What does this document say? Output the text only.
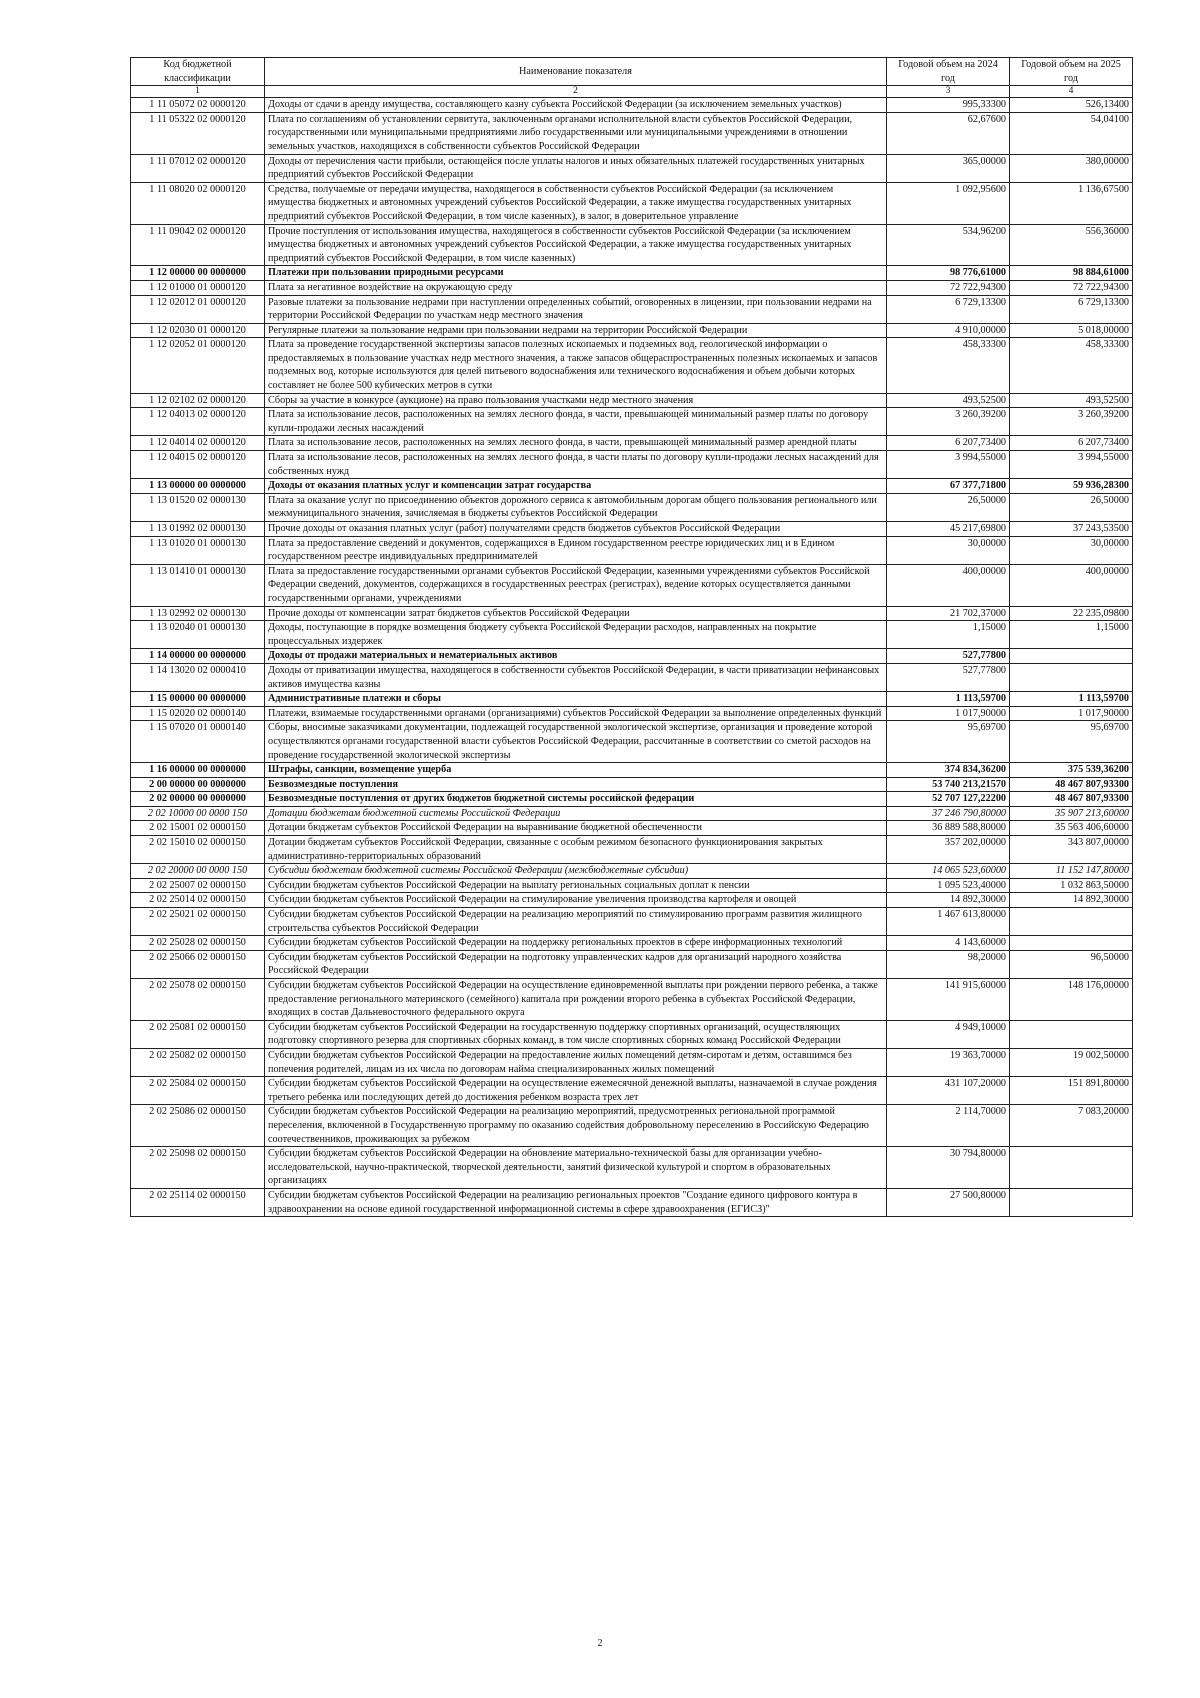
Код бюджетной классификации	Наименование показателя	Годовой объем на 2024 год	Годовой объем на 2025 год
1	2	3	4
1 11 05072 02 0000120	Доходы от сдачи в аренду имущества, составляющего казну субъекта Российской Федерации (за исключением земельных участков)	995,33300	526,13400
1 11 05322 02 0000120	Плата по соглашениям об установлении сервитута, заключенным органами исполнительной власти субъектов Российской Федерации, государственными или муниципальными предприятиями либо государственными или муниципальными учреждениями в отношении земельных участков, находящихся в собственности субъектов Российской Федерации	62,67600	54,04100
1 11 07012 02 0000120	Доходы от перечисления части прибыли, остающейся после уплаты налогов и иных обязательных платежей государственных унитарных предприятий субъектов Российской Федерации	365,00000	380,00000
1 11 08020 02 0000120	Средства, получаемые от передачи имущества, находящегося в собственности субъектов Российской Федерации (за исключением имущества бюджетных и автономных учреждений субъектов Российской Федерации, а также имущества государственных унитарных предприятий субъектов Российской Федерации, в том числе казенных), в залог, в доверительное управление	1 092,95600	1 136,67500
1 11 09042 02 0000120	Прочие поступления от использования имущества, находящегося в собственности субъектов Российской Федерации (за исключением имущества бюджетных и автономных учреждений субъектов Российской Федерации, а также имущества государственных унитарных предприятий субъектов Российской Федерации, в том числе казенных)	534,96200	556,36000
1 12 00000 00 0000000	Платежи при пользовании природными ресурсами	98 776,61000	98 884,61000
1 12 01000 01 0000120	Плата за негативное воздействие на окружающую среду	72 722,94300	72 722,94300
1 12 02012 01 0000120	Разовые платежи за пользование недрами при наступлении определенных событий, оговоренных в лицензии, при пользовании недрами на территории Российской Федерации по участкам недр местного значения	6 729,13300	6 729,13300
1 12 02030 01 0000120	Регулярные платежи за пользование недрами при пользовании недрами на территории Российской Федерации	4 910,00000	5 018,00000
1 12 02052 01 0000120	Плата за проведение государственной экспертизы запасов полезных ископаемых и подземных вод, геологической информации о предоставляемых в пользование участках недр местного значения, а также запасов общераспространенных полезных ископаемых и запасов подземных вод, которые используются для целей питьевого водоснабжения или технического водоснабжения и объем добычи которых составляет не более 500 кубических метров в сутки	458,33300	458,33300
1 12 02102 02 0000120	Сборы за участие в конкурсе (аукционе) на право пользования участками недр местного значения	493,52500	493,52500
1 12 04013 02 0000120	Плата за использование лесов, расположенных на землях лесного фонда, в части, превышающей минимальный размер платы по договору купли-продажи лесных насаждений	3 260,39200	3 260,39200
1 12 04014 02 0000120	Плата за использование лесов, расположенных на землях лесного фонда, в части, превышающей минимальный размер арендной платы	6 207,73400	6 207,73400
1 12 04015 02 0000120	Плата за использование лесов, расположенных на землях лесного фонда, в части платы по договору купли-продажи лесных насаждений для собственных нужд	3 994,55000	3 994,55000
1 13 00000 00 0000000	Доходы от оказания платных услуг и компенсации затрат государства	67 377,71800	59 936,28300
1 13 01520 02 0000130	Плата за оказание услуг по присоединению объектов дорожного сервиса к автомобильным дорогам общего пользования регионального или межмуниципального значения, зачисляемая в бюджеты субъектов Российской Федерации	26,50000	26,50000
1 13 01992 02 0000130	Прочие доходы от оказания платных услуг (работ) получателями средств бюджетов субъектов Российской Федерации	45 217,69800	37 243,53500
1 13 01020 01 0000130	Плата за предоставление сведений и документов, содержащихся в Едином государственном реестре юридических лиц и в Едином государственном реестре индивидуальных предпринимателей	30,00000	30,00000
1 13 01410 01 0000130	Плата за предоставление государственными органами субъектов Российской Федерации, казенными учреждениями субъектов Российской Федерации сведений, документов, содержащихся в государственных реестрах (регистрах), ведение которых осуществляется данными государственными органами, учреждениями	400,00000	400,00000
1 13 02992 02 0000130	Прочие доходы от компенсации затрат бюджетов субъектов Российской Федерации	21 702,37000	22 235,09800
1 13 02040 01 0000130	Доходы, поступающие в порядке возмещения бюджету субъекта Российской Федерации расходов, направленных на покрытие процессуальных издержек	1,15000	1,15000
1 14 00000 00 0000000	Доходы от продажи материальных и нематериальных активов	527,77800	
1 14 13020 02 0000410	Доходы от приватизации имущества, находящегося в собственности субъектов Российской Федерации, в части приватизации нефинансовых активов имущества казны	527,77800	
1 15 00000 00 0000000	Административные платежи и сборы	1 113,59700	1 113,59700
1 15 02020 02 0000140	Платежи, взимаемые государственными органами (организациями) субъектов Российской Федерации за выполнение определенных функций	1 017,90000	1 017,90000
1 15 07020 01 0000140	Сборы, вносимые заказчиками документации, подлежащей государственной экологической экспертизе, организация и проведение которой осуществляются органами государственной власти субъектов Российской Федерации, рассчитанные в соответствии со сметой расходов на проведение государственной экологической экспертизы	95,69700	95,69700
1 16 00000 00 0000000	Штрафы, санкции, возмещение ущерба	374 834,36200	375 539,36200
2 00 00000 00 0000000	Безвозмездные поступления	53 740 213,21570	48 467 807,93300
2 02 00000 00 0000000	Безвозмездные поступления от других бюджетов бюджетной системы российской федерации	52 707 127,22200	48 467 807,93300
2 02 10000 00 0000 150	Дотации бюджетам бюджетной системы Российской Федерации	37 246 790,80000	35 907 213,60000
2 02 15001 02 0000150	Дотации бюджетам субъектов Российской Федерации на выравнивание бюджетной обеспеченности	36 889 588,80000	35 563 406,60000
2 02 15010 02 0000150	Дотации бюджетам субъектов Российской Федерации, связанные с особым режимом безопасного функционирования закрытых административно-территориальных образований	357 202,00000	343 807,00000
2 02 20000 00 0000 150	Субсидии бюджетам бюджетной системы Российской Федерации (межбюджетные субсидии)	14 065 523,60000	11 152 147,80000
2 02 25007 02 0000150	Субсидии бюджетам субъектов Российской Федерации на выплату региональных социальных доплат к пенсии	1 095 523,40000	1 032 863,50000
2 02 25014 02 0000150	Субсидии бюджетам субъектов Российской Федерации на стимулирование увеличения производства картофеля и овощей	14 892,30000	14 892,30000
2 02 25021 02 0000150	Субсидии бюджетам субъектов Российской Федерации на реализацию мероприятий по стимулированию программ развития жилищного строительства субъектов Российской Федерации	1 467 613,80000	
2 02 25028 02 0000150	Субсидии бюджетам субъектов Российской Федерации на поддержку региональных проектов в сфере информационных технологий	4 143,60000	
2 02 25066 02 0000150	Субсидии бюджетам субъектов Российской Федерации на подготовку управленческих кадров для организаций народного хозяйства Российской Федерации	98,20000	96,50000
2 02 25078 02 0000150	Субсидии бюджетам субъектов Российской Федерации на осуществление единовременной выплаты при рождении первого ребенка, а также предоставление регионального материнского (семейного) капитала при рождении второго ребенка в субъектах Российской Федерации, входящих в состав Дальневосточного федерального округа	141 915,60000	148 176,00000
2 02 25081 02 0000150	Субсидии бюджетам субъектов Российской Федерации на государственную поддержку спортивных организаций, осуществляющих подготовку спортивного резерва для спортивных сборных команд, в том числе спортивных сборных команд Российской Федерации	4 949,10000	
2 02 25082 02 0000150	Субсидии бюджетам субъектов Российской Федерации на предоставление жилых помещений детям-сиротам и детям, оставшимся без попечения родителей, лицам из их числа по договорам найма специализированных жилых помещений	19 363,70000	19 002,50000
2 02 25084 02 0000150	Субсидии бюджетам субъектов Российской Федерации на осуществление ежемесячной денежной выплаты, назначаемой в случае рождения третьего ребенка или последующих детей до достижения ребенком возраста трех лет	431 107,20000	151 891,80000
2 02 25086 02 0000150	Субсидии бюджетам субъектов Российской Федерации на реализацию мероприятий, предусмотренных региональной программой переселения, включенной в Государственную программу по оказанию содействия добровольному переселению в Российскую Федерацию соотечественников, проживающих за рубежом	2 114,70000	7 083,20000
2 02 25098 02 0000150	Субсидии бюджетам субъектов Российской Федерации на обновление материально-технической базы для организации учебно-исследовательской, научно-практической, творческой деятельности, занятий физической культурой и спортом в образовательных организациях	30 794,80000	
2 02 25114 02 0000150	Субсидии бюджетам субъектов Российской Федерации на реализацию региональных проектов "Создание единого цифрового контура в здравоохранении на основе единой государственной информационной системы в сфере здравоохранения (ЕГИСЗ)"	27 500,80000	
2
